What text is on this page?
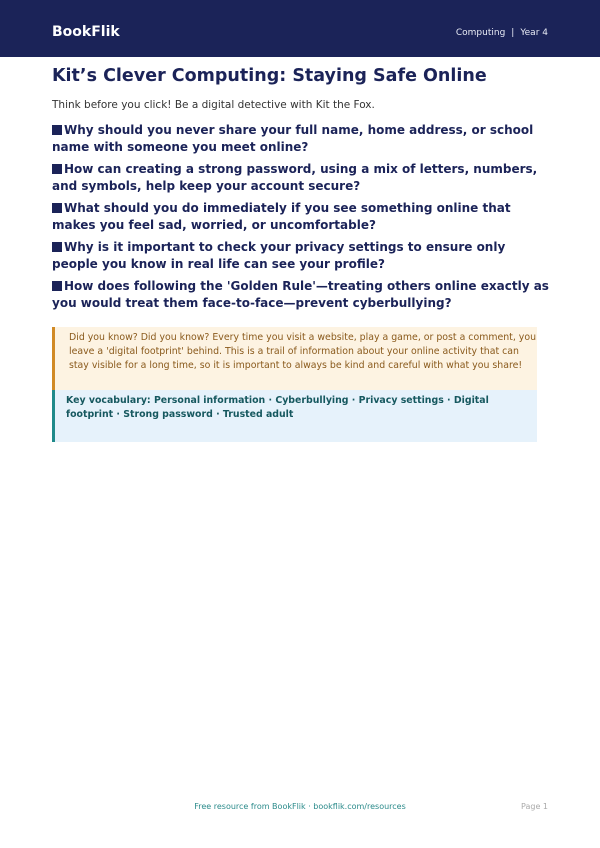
BookFlik	Computing | Year 4
Kit’s Clever Computing: Staying Safe Online

Think before you click! Be a digital detective with Kit the Fox.

Why should you never share your full name, home address, or school name with someone you meet online?
How can creating a strong password, using a mix of letters, numbers, and symbols, help keep your account secure?
What should you do immediately if you see something online that makes you feel sad, worried, or uncomfortable?
Why is it important to check your privacy settings to ensure only people you know in real life can see your profile?
How does following the 'Golden Rule'—treating others online exactly as you would treat them face-to-face—prevent cyberbullying?
Did you know? Did you know? Every time you visit a website, play a game, or post a comment, you leave a 'digital footprint' behind. This is a trail of information about your online activity that can stay visible for a long time, so it is important to always be kind and careful with what you share!
Key vocabulary: Personal information · Cyberbullying · Privacy settings · Digital footprint · Strong password · Trusted adult
Free resource from BookFlik · bookflik.com/resources	Page 1
